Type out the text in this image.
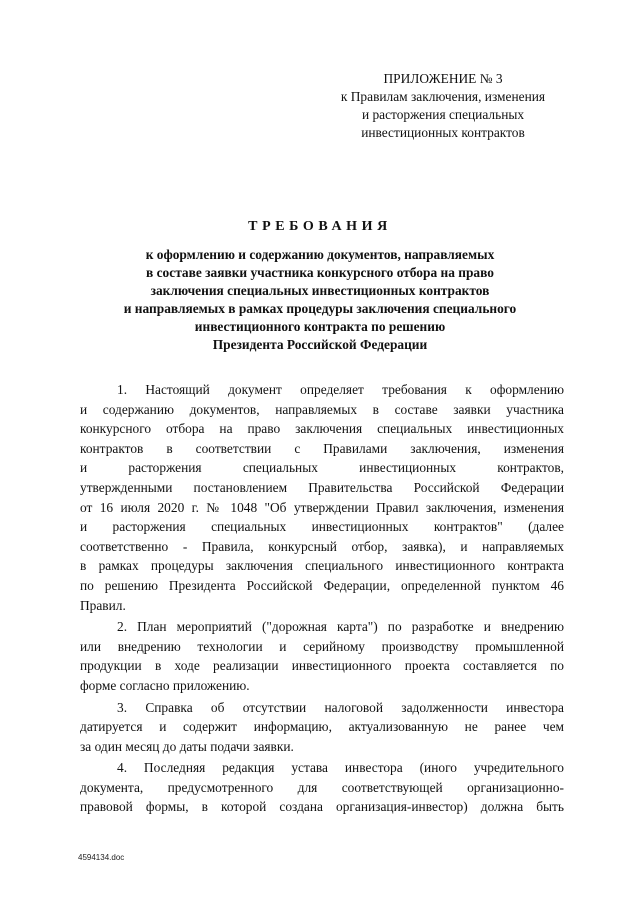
ПРИЛОЖЕНИЕ № 3
к Правилам заключения, изменения
и расторжения специальных
инвестиционных контрактов
ТРЕБОВАНИЯ
к оформлению и содержанию документов, направляемых
в составе заявки участника конкурсного отбора на право
заключения специальных инвестиционных контрактов
и направляемых в рамках процедуры заключения специального
инвестиционного контракта по решению
Президента Российской Федерации
1. Настоящий документ определяет требования к оформлению
и содержанию документов, направляемых в составе заявки участника
конкурсного отбора на право заключения специальных инвестиционных
контрактов в соответствии с Правилами заключения, изменения
и расторжения специальных инвестиционных контрактов,
утвержденными постановлением Правительства Российской Федерации
от 16 июля 2020 г. № 1048 "Об утверждении Правил заключения, изменения
и расторжения специальных инвестиционных контрактов" (далее
соответственно - Правила, конкурсный отбор, заявка), и направляемых
в рамках процедуры заключения специального инвестиционного контракта
по решению Президента Российской Федерации, определенной пунктом 46
Правил.
2. План мероприятий ("дорожная карта") по разработке и внедрению
или внедрению технологии и серийному производству промышленной
продукции в ходе реализации инвестиционного проекта составляется по
форме согласно приложению.
3. Справка об отсутствии налоговой задолженности инвестора
датируется и содержит информацию, актуализованную не ранее чем
за один месяц до даты подачи заявки.
4. Последняя редакция устава инвестора (иного учредительного
документа, предусмотренного для соответствующей организационно-
правовой формы, в которой создана организация-инвестор) должна быть
4594134.doc
